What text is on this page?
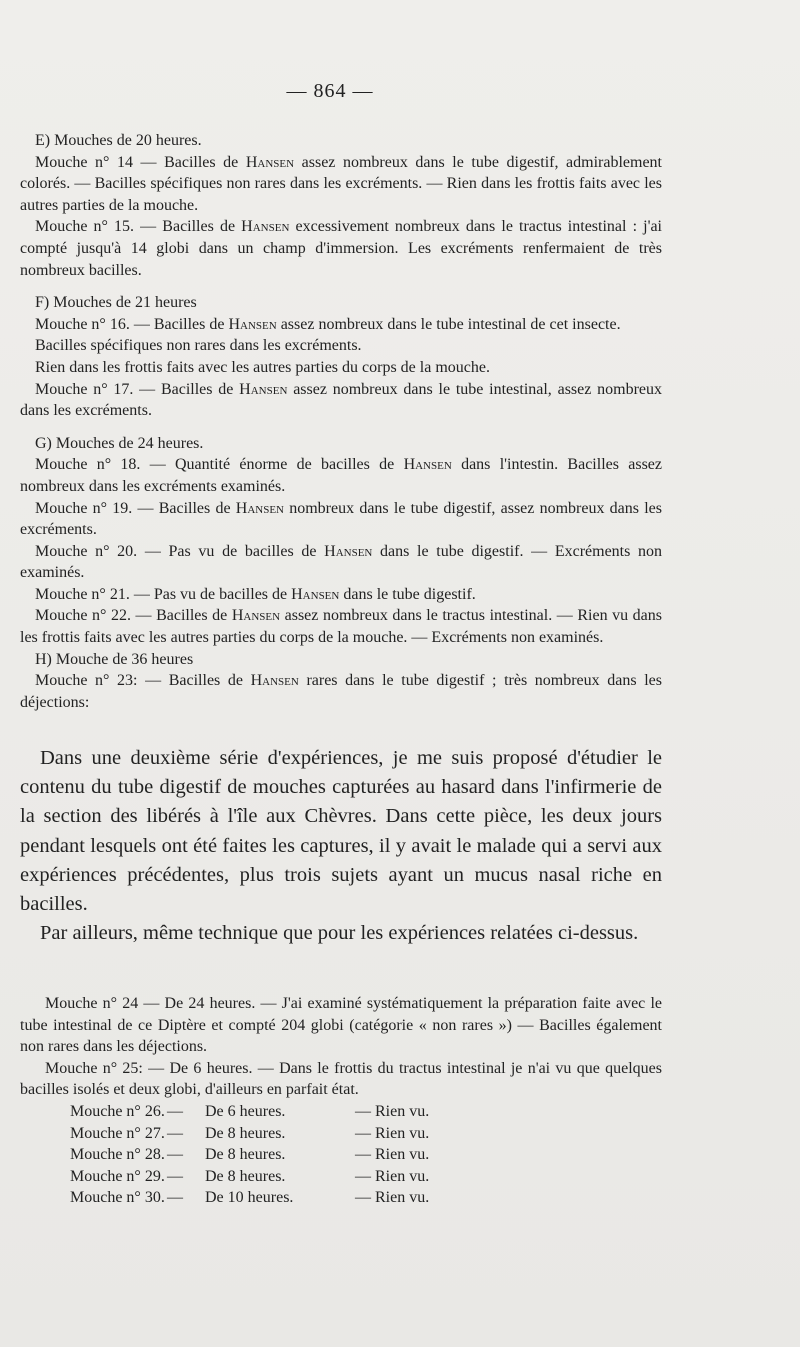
— 864 —

E) Mouches de 20 heures.

Mouche n° 14 — Bacilles de Hansen assez nombreux dans le tube digestif, admirablement colorés. — Bacilles spécifiques non rares dans les excréments. — Rien dans les frottis faits avec les autres parties de la mouche.

Mouche n° 15. — Bacilles de Hansen excessivement nombreux dans le tractus intestinal : j'ai compté jusqu'à 14 globi dans un champ d'immersion. Les excréments renfermaient de très nombreux bacilles.

F) Mouches de 21 heures

Mouche n° 16. — Bacilles de Hansen assez nombreux dans le tube intestinal de cet insecte.

Bacilles spécifiques non rares dans les excréments.

Rien dans les frottis faits avec les autres parties du corps de la mouche.

Mouche n° 17. — Bacilles de Hansen assez nombreux dans le tube intestinal, assez nombreux dans les excréments.

G) Mouches de 24 heures.

Mouche n° 18. — Quantité énorme de bacilles de Hansen dans l'intestin. Bacilles assez nombreux dans les excréments examinés.

Mouche n° 19. — Bacilles de Hansen nombreux dans le tube digestif, assez nombreux dans les excréments.

Mouche n° 20. — Pas vu de bacilles de Hansen dans le tube digestif. — Excréments non examinés.

Mouche n° 21. — Pas vu de bacilles de Hansen dans le tube digestif.

Mouche n° 22. — Bacilles de Hansen assez nombreux dans le tractus intestinal. — Rien vu dans les frottis faits avec les autres parties du corps de la mouche. — Excréments non examinés.

H) Mouche de 36 heures

Mouche n° 23: — Bacilles de Hansen rares dans le tube digestif ; très nombreux dans les déjections:

Dans une deuxième série d'expériences, je me suis proposé d'étudier le contenu du tube digestif de mouches capturées au hasard dans l'infirmerie de la section des libérés à l'île aux Chèvres. Dans cette pièce, les deux jours pendant lesquels ont été faites les captures, il y avait le malade qui a servi aux expériences précédentes, plus trois sujets ayant un mucus nasal riche en bacilles.

Par ailleurs, même technique que pour les expériences relatées ci-dessus.

Mouche n° 24 — De 24 heures. — J'ai examiné systématiquement la préparation faite avec le tube intestinal de ce Diptère et compté 204 globi (catégorie « non rares ») — Bacilles également non rares dans les déjections.

Mouche n° 25: — De 6 heures. — Dans le frottis du tractus intestinal je n'ai vu que quelques bacilles isolés et deux globi, d'ailleurs en parfait état.

Mouche n° 26. — De 6 heures.	— Rien vu.

Mouche n° 27. — De 8 heures.	— Rien vu.

Mouche n° 28. — De 8 heures.	— Rien vu.

Mouche n° 29. — De 8 heures.	— Rien vu.

Mouche n° 30. — De 10 heures.	— Rien vu.
